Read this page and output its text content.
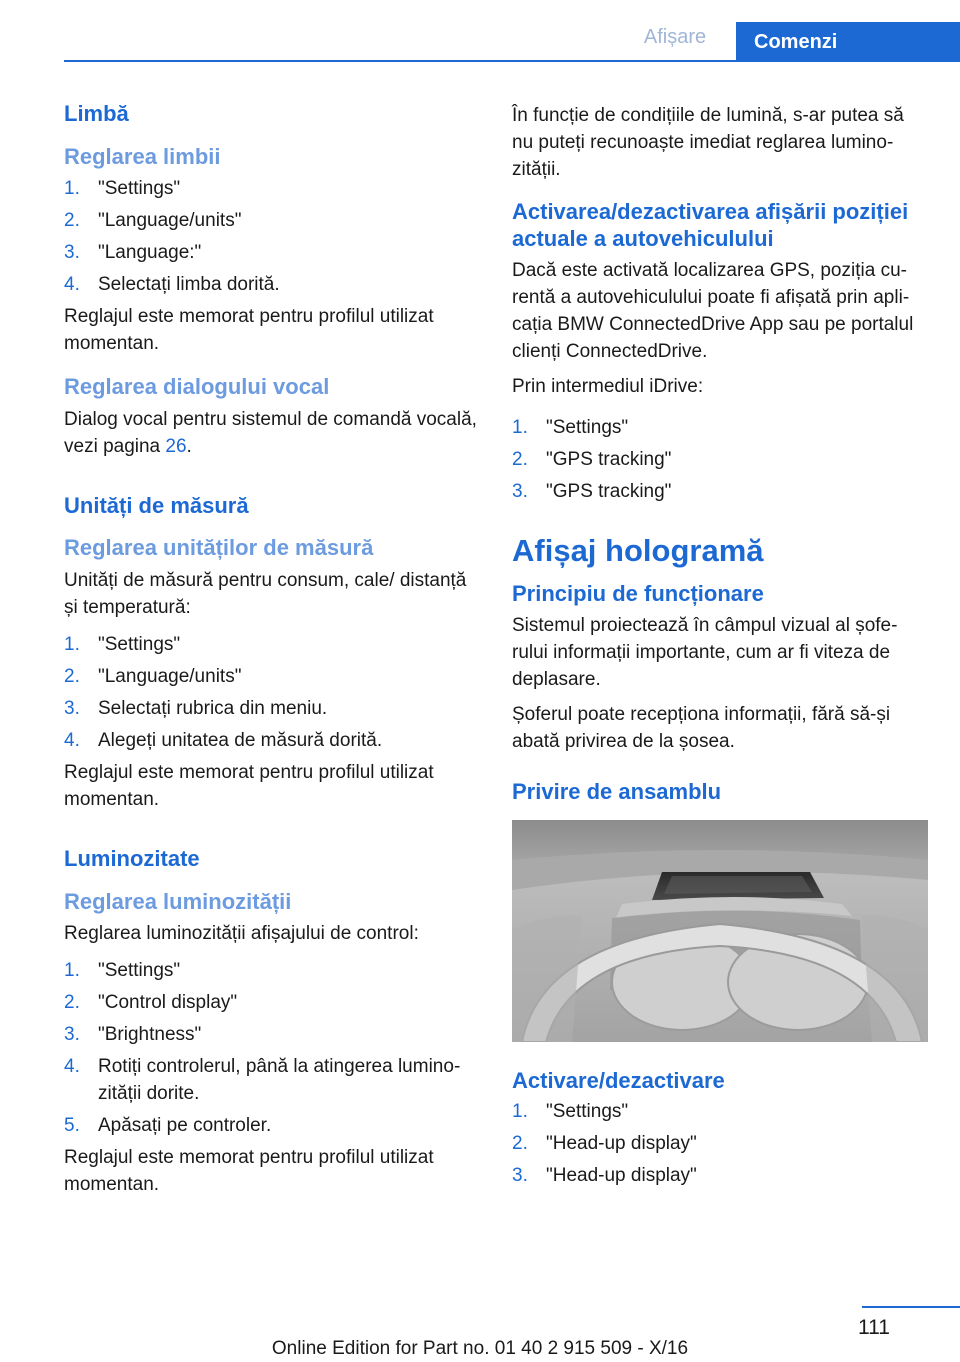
Afișare	Comenzi
Limbă
Reglarea limbii
1. "Settings"
2. "Language/units"
3. "Language:"
4. Selectați limba dorită.

Reglajul este memorat pentru profilul utilizat momentan.

Reglarea dialogului vocal

Dialog vocal pentru sistemul de comandă vocală, vezi pagina 26.

Unități de măsură
Reglarea unităților de măsură

Unități de măsură pentru consum, cale/ distanță și temperatură:

1. "Settings"
2. "Language/units"
3. Selectați rubrica din meniu.
4. Alegeți unitatea de măsură dorită.

Reglajul este memorat pentru profilul utilizat momentan.

Luminozitate
Reglarea luminozității

Reglarea luminozității afișajului de control:

1. "Settings"
2. "Control display"
3. "Brightness"
4. Rotiți controlerul, până la atingerea luminozității dorite.
5. Apăsați pe controler.

Reglajul este memorat pentru profilul utilizat momentan.

În funcție de condițiile de lumină, s-ar putea să nu puteți recunoaște imediat reglarea luminozității.

Activarea/dezactivarea afișării poziției actuale a autovehiculului

Dacă este activată localizarea GPS, poziția curentă a autovehiculului poate fi afișată prin aplicația BMW ConnectedDrive App sau pe portalul clienți ConnectedDrive.

Prin intermediul iDrive:

1. "Settings"
2. "GPS tracking"
3. "GPS tracking"
Afișaj hologramă
Principiu de funcționare

Sistemul proiectează în câmpul vizual al șoferului informații importante, cum ar fi viteza de deplasare.

Șoferul poate recepționa informații, fără să-și abată privirea de la șosea.

Privire de ansamblu
Activare/dezactivare
1. "Settings"
2. "Head-up display"
3. "Head-up display"
111
Online Edition for Part no. 01 40 2 915 509 - X/16
